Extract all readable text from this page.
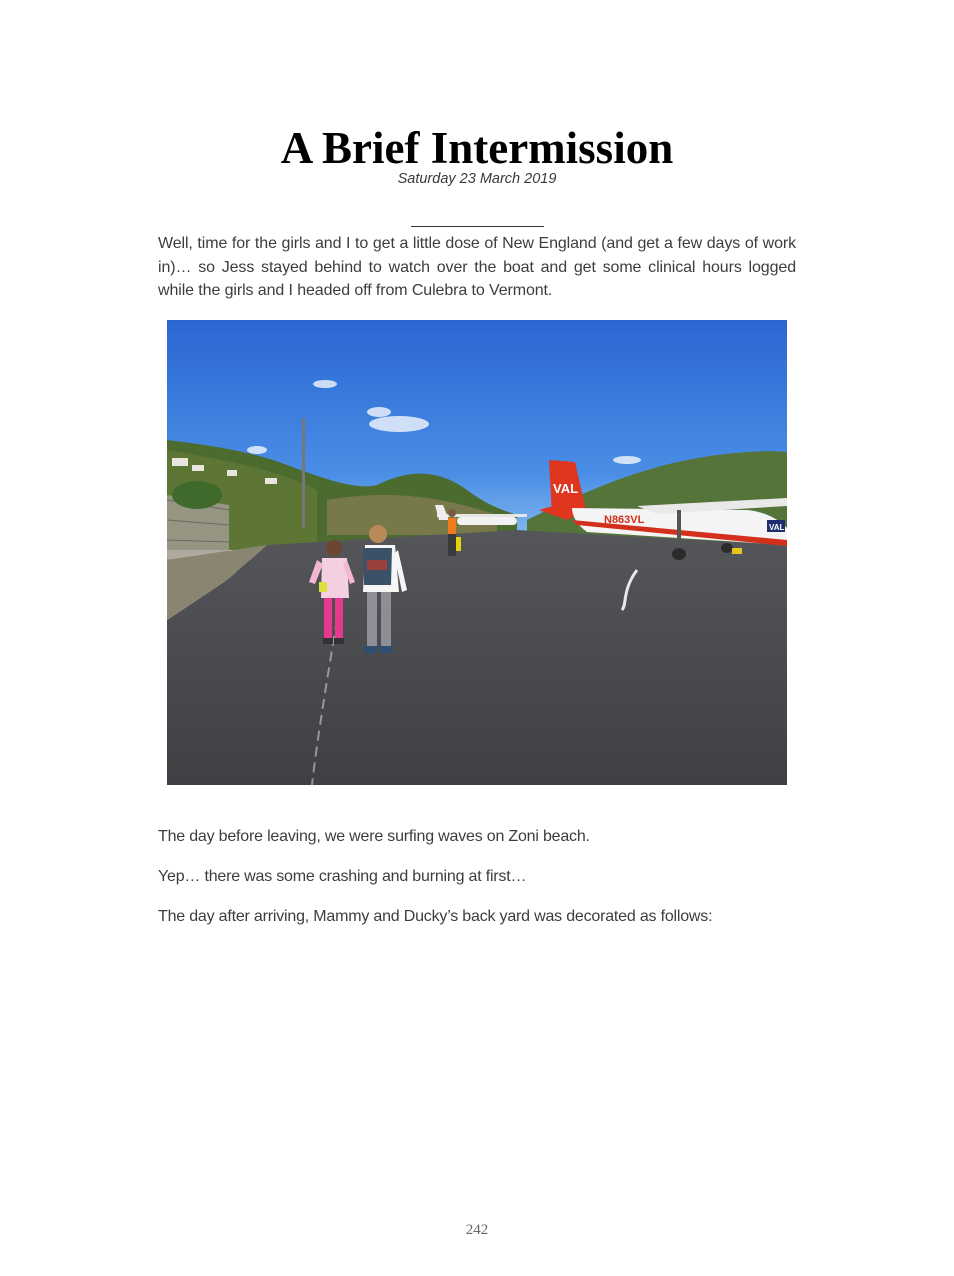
A Brief Intermission
Saturday 23 March 2019

Well, time for the girls and I to get a little dose of New England (and get a few days of work in)… so Jess stayed behind to watch over the boat and get some clinical hours logged while the girls and I headed off from Culebra to Vermont.

VAL
N863VL
VAL

The day before leaving, we were surfing waves on Zoni beach.

Yep… there was some crashing and burning at first…

The day after arriving, Mammy and Ducky’s back yard was decorated as follows:

242
